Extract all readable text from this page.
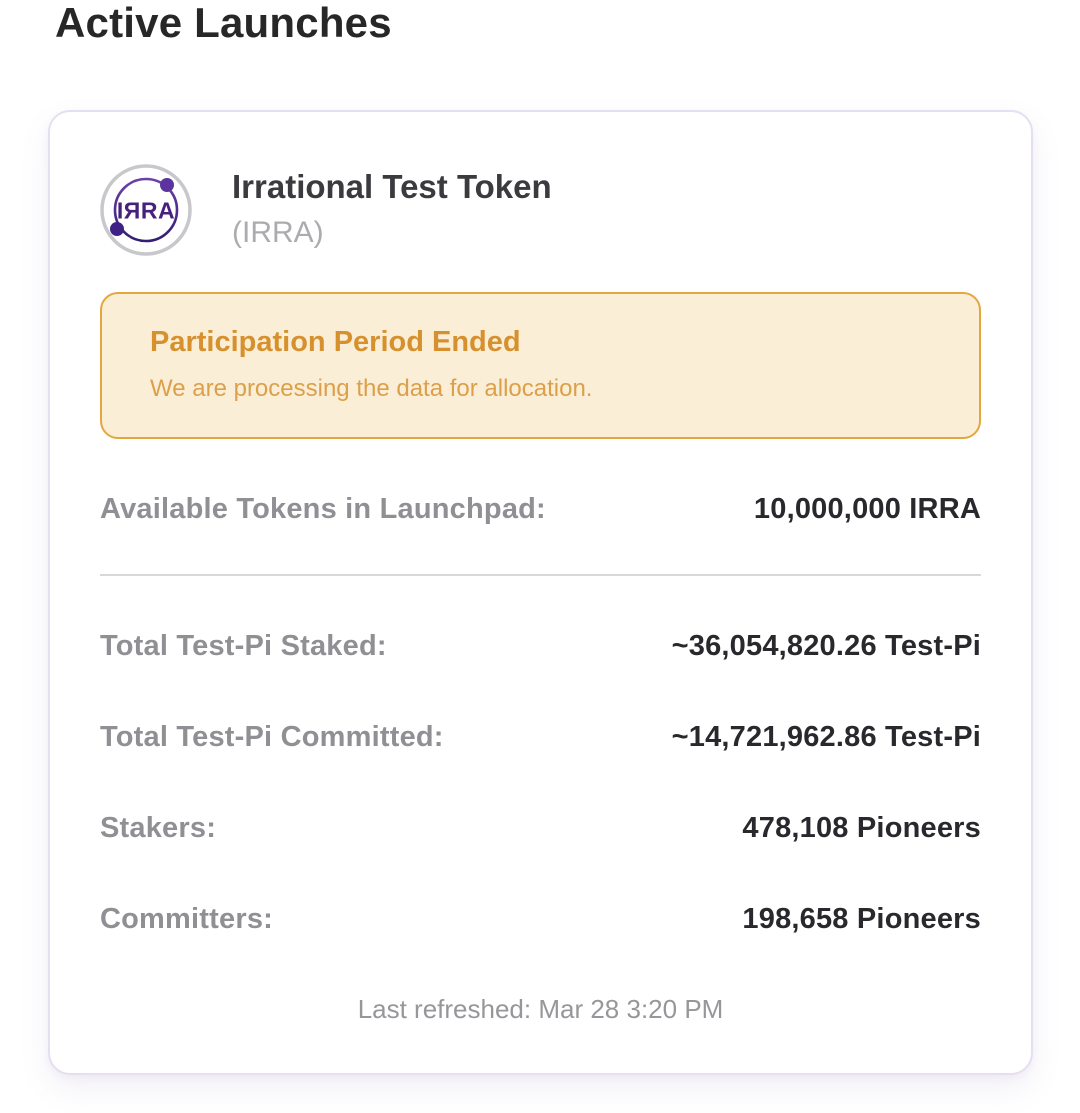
Active Launches
IЯRA
Irrational Test Token
(IRRA)
Participation Period Ended
We are processing the data for allocation.
Available Tokens in Launchpad:	10,000,000 IRRA
Total Test-Pi Staked:	~36,054,820.26 Test-Pi
Total Test-Pi Committed:	~14,721,962.86 Test-Pi
Stakers:	478,108 Pioneers
Committers:	198,658 Pioneers
Last refreshed: Mar 28 3:20 PM
